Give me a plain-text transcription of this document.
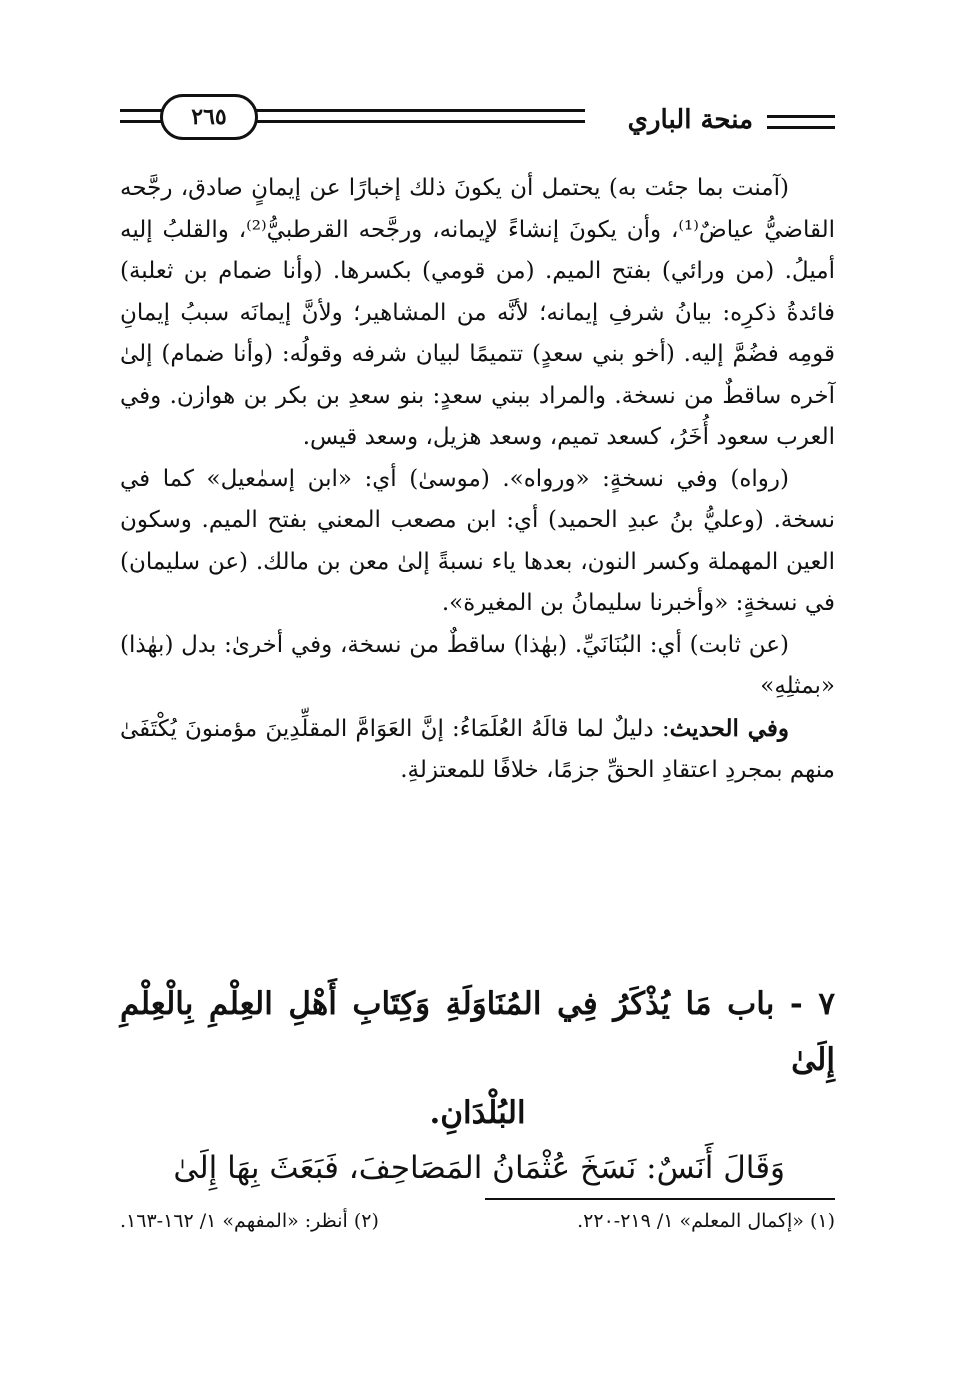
منحة الباري
٢٦٥

(آمنت بما جئت به) يحتمل أن يكونَ ذلك إخبارًا عن إيمانٍ صادق، رجَّحه القاضيُّ عياضٌ⁽¹⁾، وأن يكونَ إنشاءً لإيمانه، ورجَّحه القرطبيُّ⁽²⁾، والقلبُ إليه أميلُ. (من ورائي) بفتح الميم. (من قومي) بكسرها. (وأنا ضمام بن ثعلبة) فائدةُ ذكرِه: بيانُ شرفِ إيمانه؛ لأنَّه من المشاهير؛ ولأنَّ إيمانَه سببُ إيمانِ قومِه فضُمَّ إليه. (أخو بني سعدٍ) تتميمًا لبيان شرفه وقولُه: (وأنا ضمام) إلىٰ آخره ساقطٌ من نسخة. والمراد ببني سعدٍ: بنو سعدِ بن بكر بن هوازن. وفي العرب سعود أُخَرُ، كسعد تميم، وسعد هزيل، وسعد قيس.

(رواه) وفي نسخةٍ: «ورواه». (موسىٰ) أي: «ابن إسمٰعيل» كما في نسخة. (وعليُّ بنُ عبدِ الحميد) أي: ابن مصعب المعني بفتح الميم. وسكون العين المهملة وكسر النون، بعدها ياء نسبةً إلىٰ معن بن مالك. (عن سليمان) في نسخةٍ: «وأخبرنا سليمانُ بن المغيرة».

(عن ثابت) أي: البُنَانَيِّ. (بهٰذا) ساقطٌ من نسخة، وفي أخرىٰ: بدل (بهٰذا) «بمثلِهِ»

وفي الحديث: دليلٌ لما قالَهُ العُلَمَاءُ: إنَّ العَوَامَّ المقلِّدِينَ مؤمنونَ يُكْتَفَىٰ منهم بمجردِ اعتقادِ الحقِّ جزمًا، خلافًا للمعتزلةِ.

٧ - باب مَا يُذْكَرُ فِي المُنَاوَلَةِ وَكِتَابِ أَهْلِ العِلْمِ بِالْعِلْمِ إِلَىٰ

البُلْدَانِ.

وَقَالَ أَنَسٌ: نَسَخَ عُثْمَانُ المَصَاحِفَ، فَبَعَثَ بِهَا إِلَىٰ

(١) «إكمال المعلم» ١/ ٢١٩-٢٢٠.
(٢) أنظر: «المفهم» ١/ ١٦٢-١٦٣.
